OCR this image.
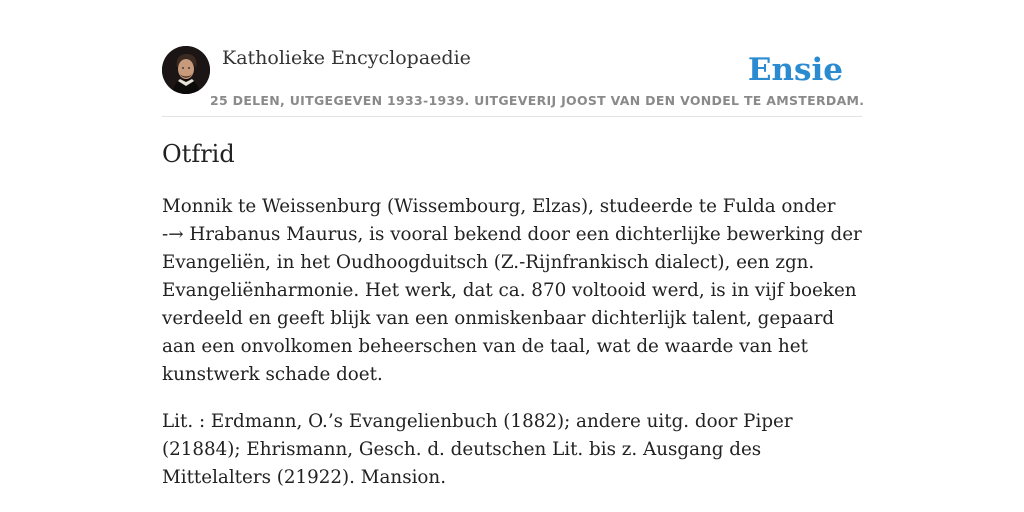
Katholieke Encyclopaedie
25 DELEN, UITGEGEVEN 1933-1939. UITGEVERIJ JOOST VAN DEN VONDEL TE AMSTERDAM.
Ensie
Otfrid

Monnik te Weissenburg (Wissembourg, Elzas), studeerde te Fulda onder -→ Hrabanus Maurus, is vooral bekend door een dichterlijke bewerking der Evangeliën, in het Oudhoogduitsch (Z.-Rijnfrankisch dialect), een zgn. Evangeliënharmonie. Het werk, dat ca. 870 voltooid werd, is in vijf boeken verdeeld en geeft blijk van een onmiskenbaar dichterlijk talent, gepaard aan een onvolkomen beheerschen van de taal, wat de waarde van het kunstwerk schade doet.

Lit. : Erdmann, O.’s Evangelienbuch (1882); andere uitg. door Piper (21884); Ehrismann, Gesch. d. deutschen Lit. bis z. Ausgang des Mittelalters (21922). Mansion.
